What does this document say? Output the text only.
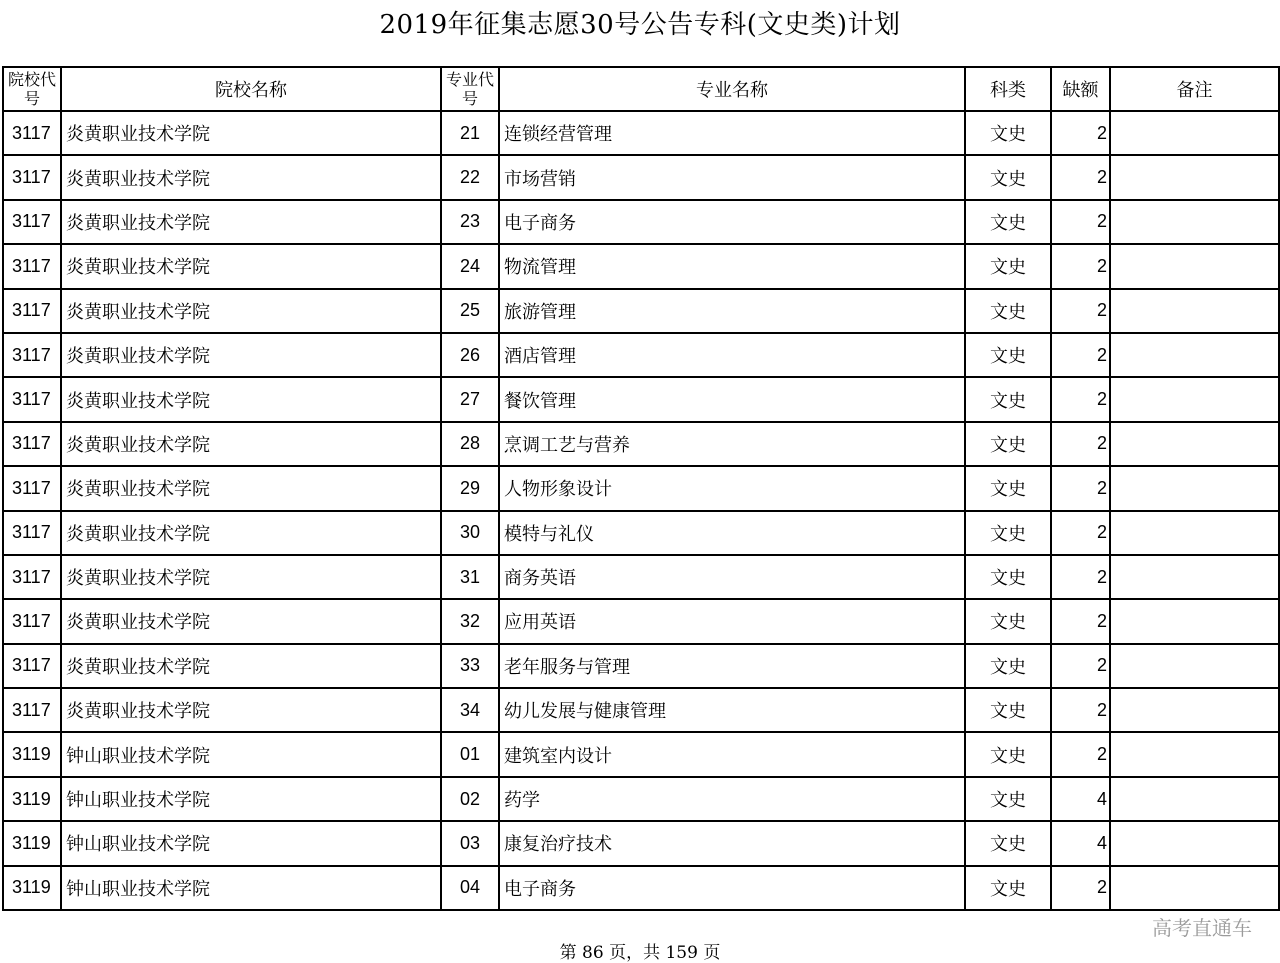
2019年征集志愿30号公告专科(文史类)计划
院校代号	院校名称	专业代号	专业名称	科类	缺额	备注
3117	炎黄职业技术学院	21	连锁经营管理	文史	2	
3117	炎黄职业技术学院	22	市场营销	文史	2	
3117	炎黄职业技术学院	23	电子商务	文史	2	
3117	炎黄职业技术学院	24	物流管理	文史	2	
3117	炎黄职业技术学院	25	旅游管理	文史	2	
3117	炎黄职业技术学院	26	酒店管理	文史	2	
3117	炎黄职业技术学院	27	餐饮管理	文史	2	
3117	炎黄职业技术学院	28	烹调工艺与营养	文史	2	
3117	炎黄职业技术学院	29	人物形象设计	文史	2	
3117	炎黄职业技术学院	30	模特与礼仪	文史	2	
3117	炎黄职业技术学院	31	商务英语	文史	2	
3117	炎黄职业技术学院	32	应用英语	文史	2	
3117	炎黄职业技术学院	33	老年服务与管理	文史	2	
3117	炎黄职业技术学院	34	幼儿发展与健康管理	文史	2	
3119	钟山职业技术学院	01	建筑室内设计	文史	2	
3119	钟山职业技术学院	02	药学	文史	4	
3119	钟山职业技术学院	03	康复治疗技术	文史	4	
3119	钟山职业技术学院	04	电子商务	文史	2	
高考直通车
第 86 页，共 159 页
